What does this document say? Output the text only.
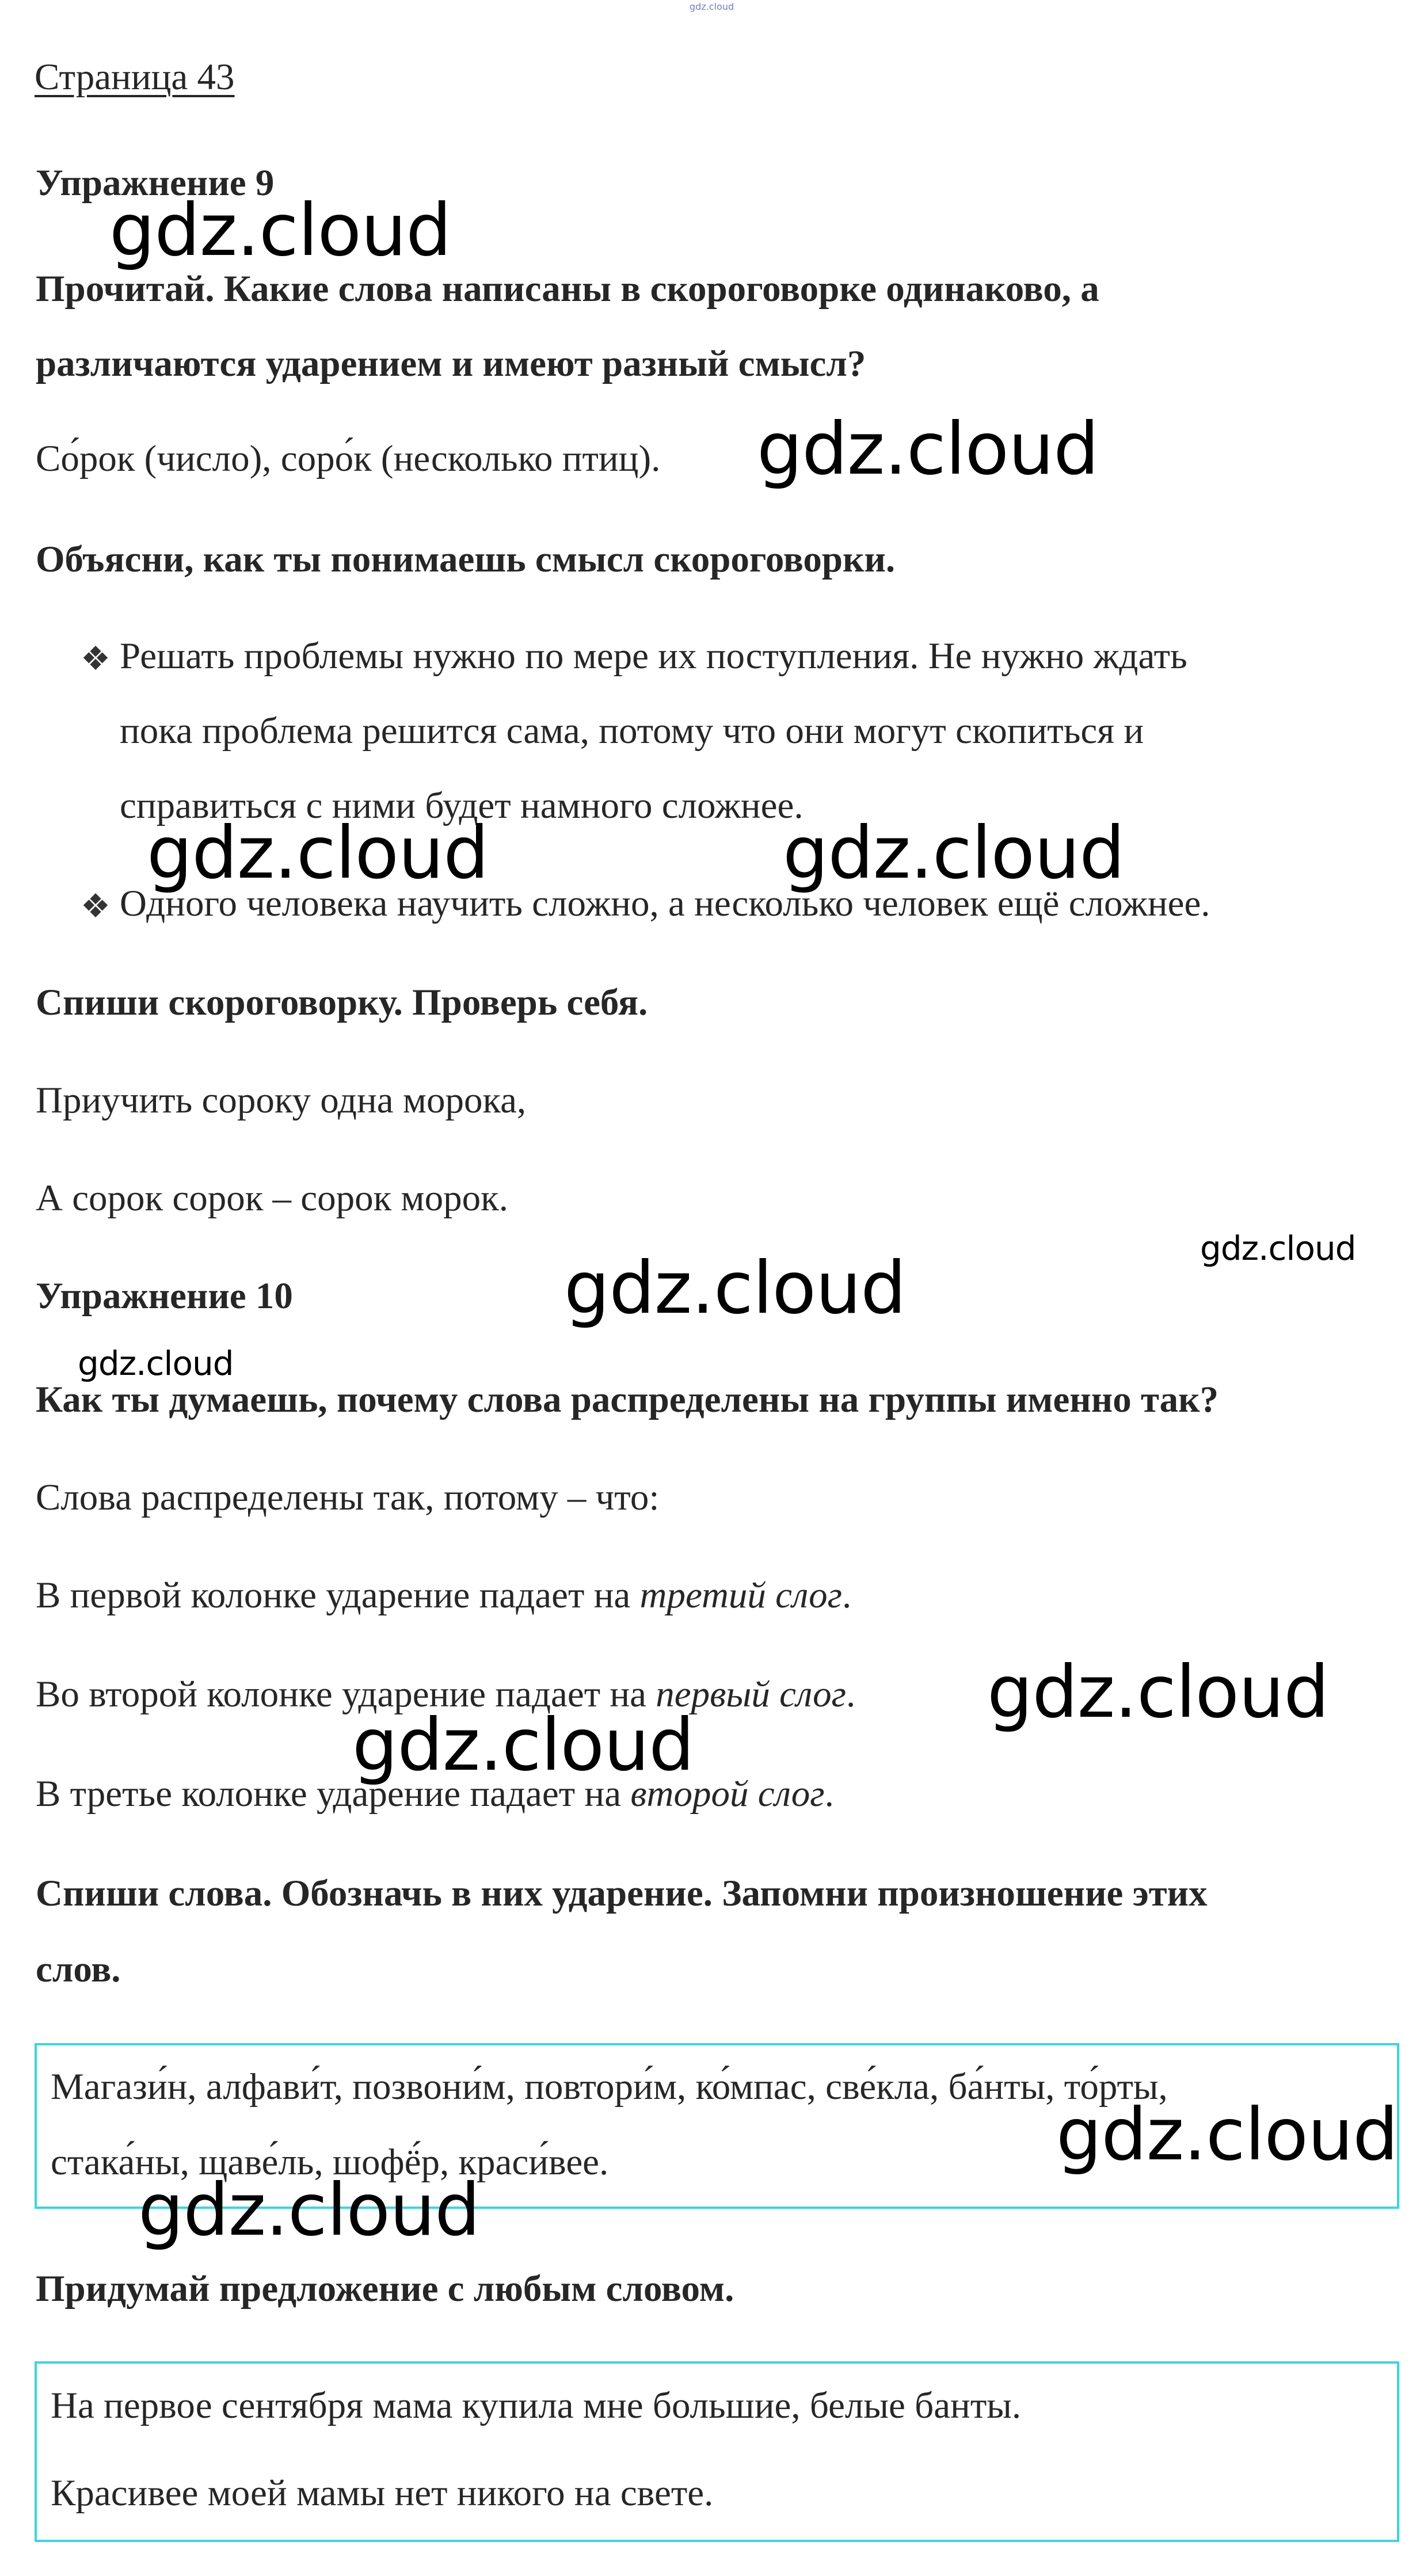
gdz.cloud
Страница 43
Упражнение 9
Прочитай. Какие слова написаны в скороговорке одинаково, а
различаются ударением и имеют разный смысл?
Со́рок (число), соро́к (несколько птиц).
Объясни, как ты понимаешь смысл скороговорки.
❖ Решать проблемы нужно по мере их поступления. Не нужно ждать
пока проблема решится сама, потому что они могут скопиться и
справиться с ними будет намного сложнее.
❖ Одного человека научить сложно, а несколько человек ещё сложнее.
Спиши скороговорку. Проверь себя.
Приучить сороку одна морока,
А сорок сорок – сорок морок.
Упражнение 10
Как ты думаешь, почему слова распределены на группы именно так?
Слова распределены так, потому – что:
В первой колонке ударение падает на третий слог.
Во второй колонке ударение падает на первый слог.
В третье колонке ударение падает на второй слог.
Спиши слова. Обозначь в них ударение. Запомни произношение этих
слов.
Магази́н, алфави́т, позвони́м, повтори́м, ко́мпас, све́кла, ба́нты, то́рты,
стака́ны, щаве́ль, шофё́р, краси́вее.
Придумай предложение с любым словом.
На первое сентября мама купила мне большие, белые банты.
Красивее моей мамы нет никого на свете.
gdz.cloud
gdz.cloud
gdz.cloud	gdz.cloud
gdz.cloud
gdz.cloud
gdz.cloud
gdz.cloud
gdz.cloud
gdz.cloud
gdz.cloud
